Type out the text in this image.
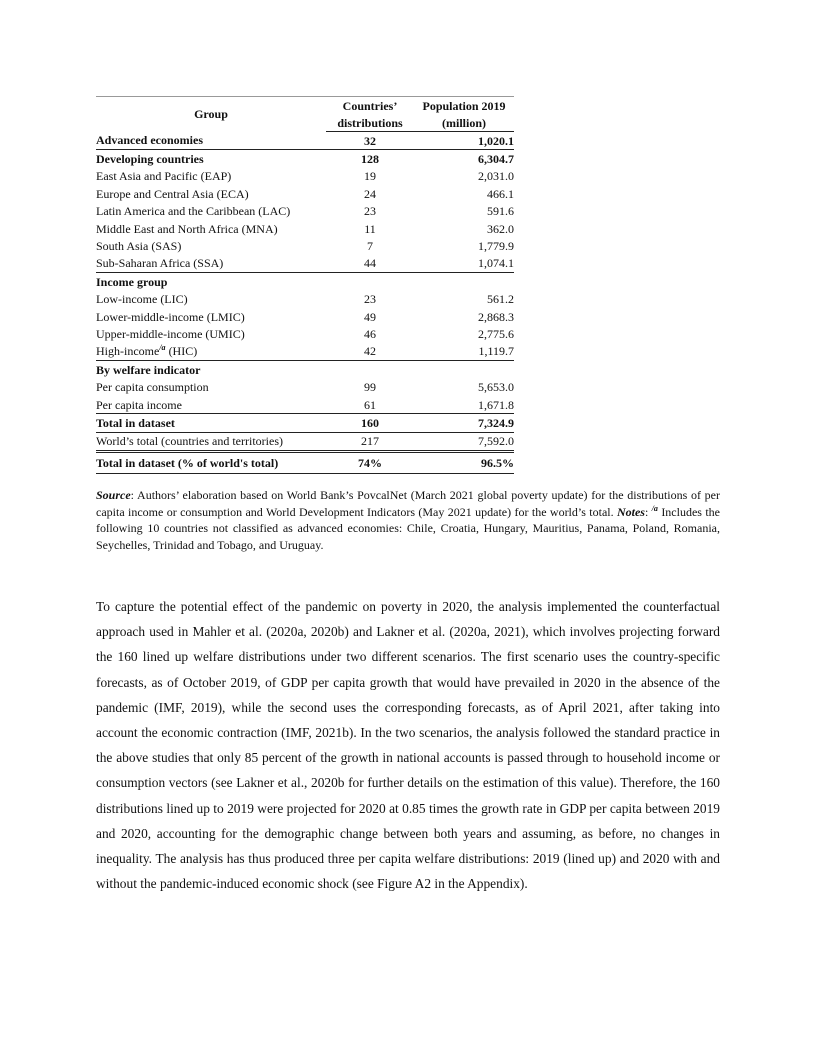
Group	Countries’	Population 2019
	distributions	(million)
Advanced economies	32	1,020.1
Developing countries	128	6,304.7
East Asia and Pacific (EAP)	19	2,031.0
Europe and Central Asia (ECA)	24	466.1
Latin America and the Caribbean (LAC)	23	591.6
Middle East and North Africa (MNA)	11	362.0
South Asia (SAS)	7	1,779.9
Sub-Saharan Africa (SSA)	44	1,074.1
Income group		
Low-income (LIC)	23	561.2
Lower-middle-income (LMIC)	49	2,868.3
Upper-middle-income (UMIC)	46	2,775.6
High-income$^{/a}$ (HIC)	42	1,119.7
By welfare indicator		
Per capita consumption	99	5,653.0
Per capita income	61	1,671.8
Total in dataset	160	7,324.9
World’s total (countries and territories)	217	7,592.0
Total in dataset (% of world's total)	74%	96.5%

Source: Authors’ elaboration based on World Bank’s PovcalNet (March 2021 global poverty update) for the distributions of per capita income or consumption and World Development Indicators (May 2021 update) for the world’s total. Notes: $^{/a}$ Includes the following 10 countries not classified as advanced economies: Chile, Croatia, Hungary, Mauritius, Panama, Poland, Romania, Seychelles, Trinidad and Tobago, and Uruguay.

To capture the potential effect of the pandemic on poverty in 2020, the analysis implemented the counterfactual approach used in Mahler et al. (2020a, 2020b) and Lakner et al. (2020a, 2021), which involves projecting forward the 160 lined up welfare distributions under two different scenarios. The first scenario uses the country-specific forecasts, as of October 2019, of GDP per capita growth that would have prevailed in 2020 in the absence of the pandemic (IMF, 2019), while the second uses the corresponding forecasts, as of April 2021, after taking into account the economic contraction (IMF, 2021b). In the two scenarios, the analysis followed the standard practice in the above studies that only 85 percent of the growth in national accounts is passed through to household income or consumption vectors (see Lakner et al., 2020b for further details on the estimation of this value). Therefore, the 160 distributions lined up to 2019 were projected for 2020 at 0.85 times the growth rate in GDP per capita between 2019 and 2020, accounting for the demographic change between both years and assuming, as before, no changes in inequality. The analysis has thus produced three per capita welfare distributions: 2019 (lined up) and 2020 with and without the pandemic-induced economic shock (see Figure A2 in the Appendix).
